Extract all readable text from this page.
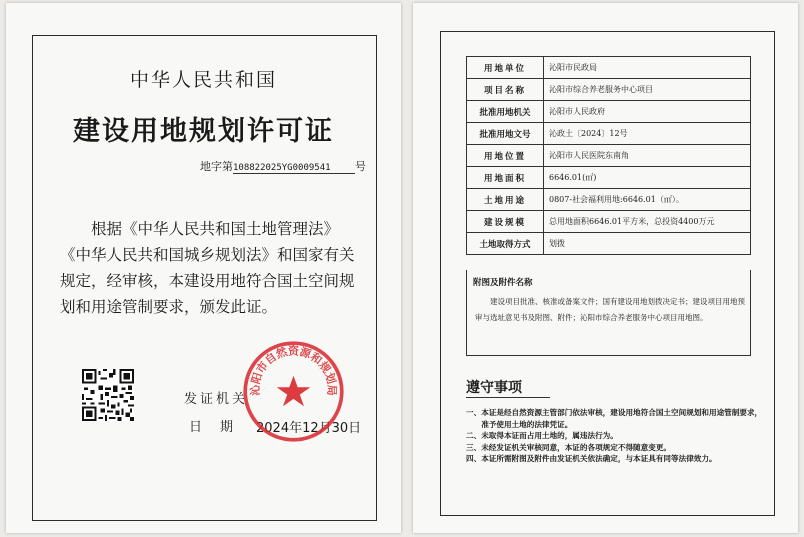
中华人民共和国
建设用地规划许可证
地字第 108822025YG0009541	号
根据《中华人民共和国土地管理法》《中华人民共和国城乡规划法》和国家有关规定，经审核，本建设用地符合国土空间规划和用途管制要求，颁发此证。
发证机关
日 期 2024年12月30日
沁阳市自然资源和规划局
用地单位	沁阳市民政局
项目名称	沁阳市综合养老服务中心项目
批准用地机关	沁阳市人民政府
批准用地文号	沁政土〔2024〕12号
用地位置	沁阳市人民医院东南角
用地面积	6646.01(㎡)
土地用途	0807-社会福利用地:6646.01（㎡）。
建设规模	总用地面积6646.01平方米，总投资4400万元
土地取得方式	划拨
附图及附件名称
建设项目批准、核准或备案文件；国有建设用地划拨决定书；建设项目用地预审与选址意见书及附图、附件；沁阳市综合养老服务中心项目用地图。
遵守事项
一、 本证是经自然资源主管部门依法审核，建设用地符合国土空间规划和用途管制要求，准予使用土地的法律凭证。
二、 未取得本证而占用土地的，属违法行为。
三、 未经发证机关审核同意，本证的各项规定不得随意变更。
四、 本证所需附图及附件由发证机关依法确定，与本证具有同等法律效力。
